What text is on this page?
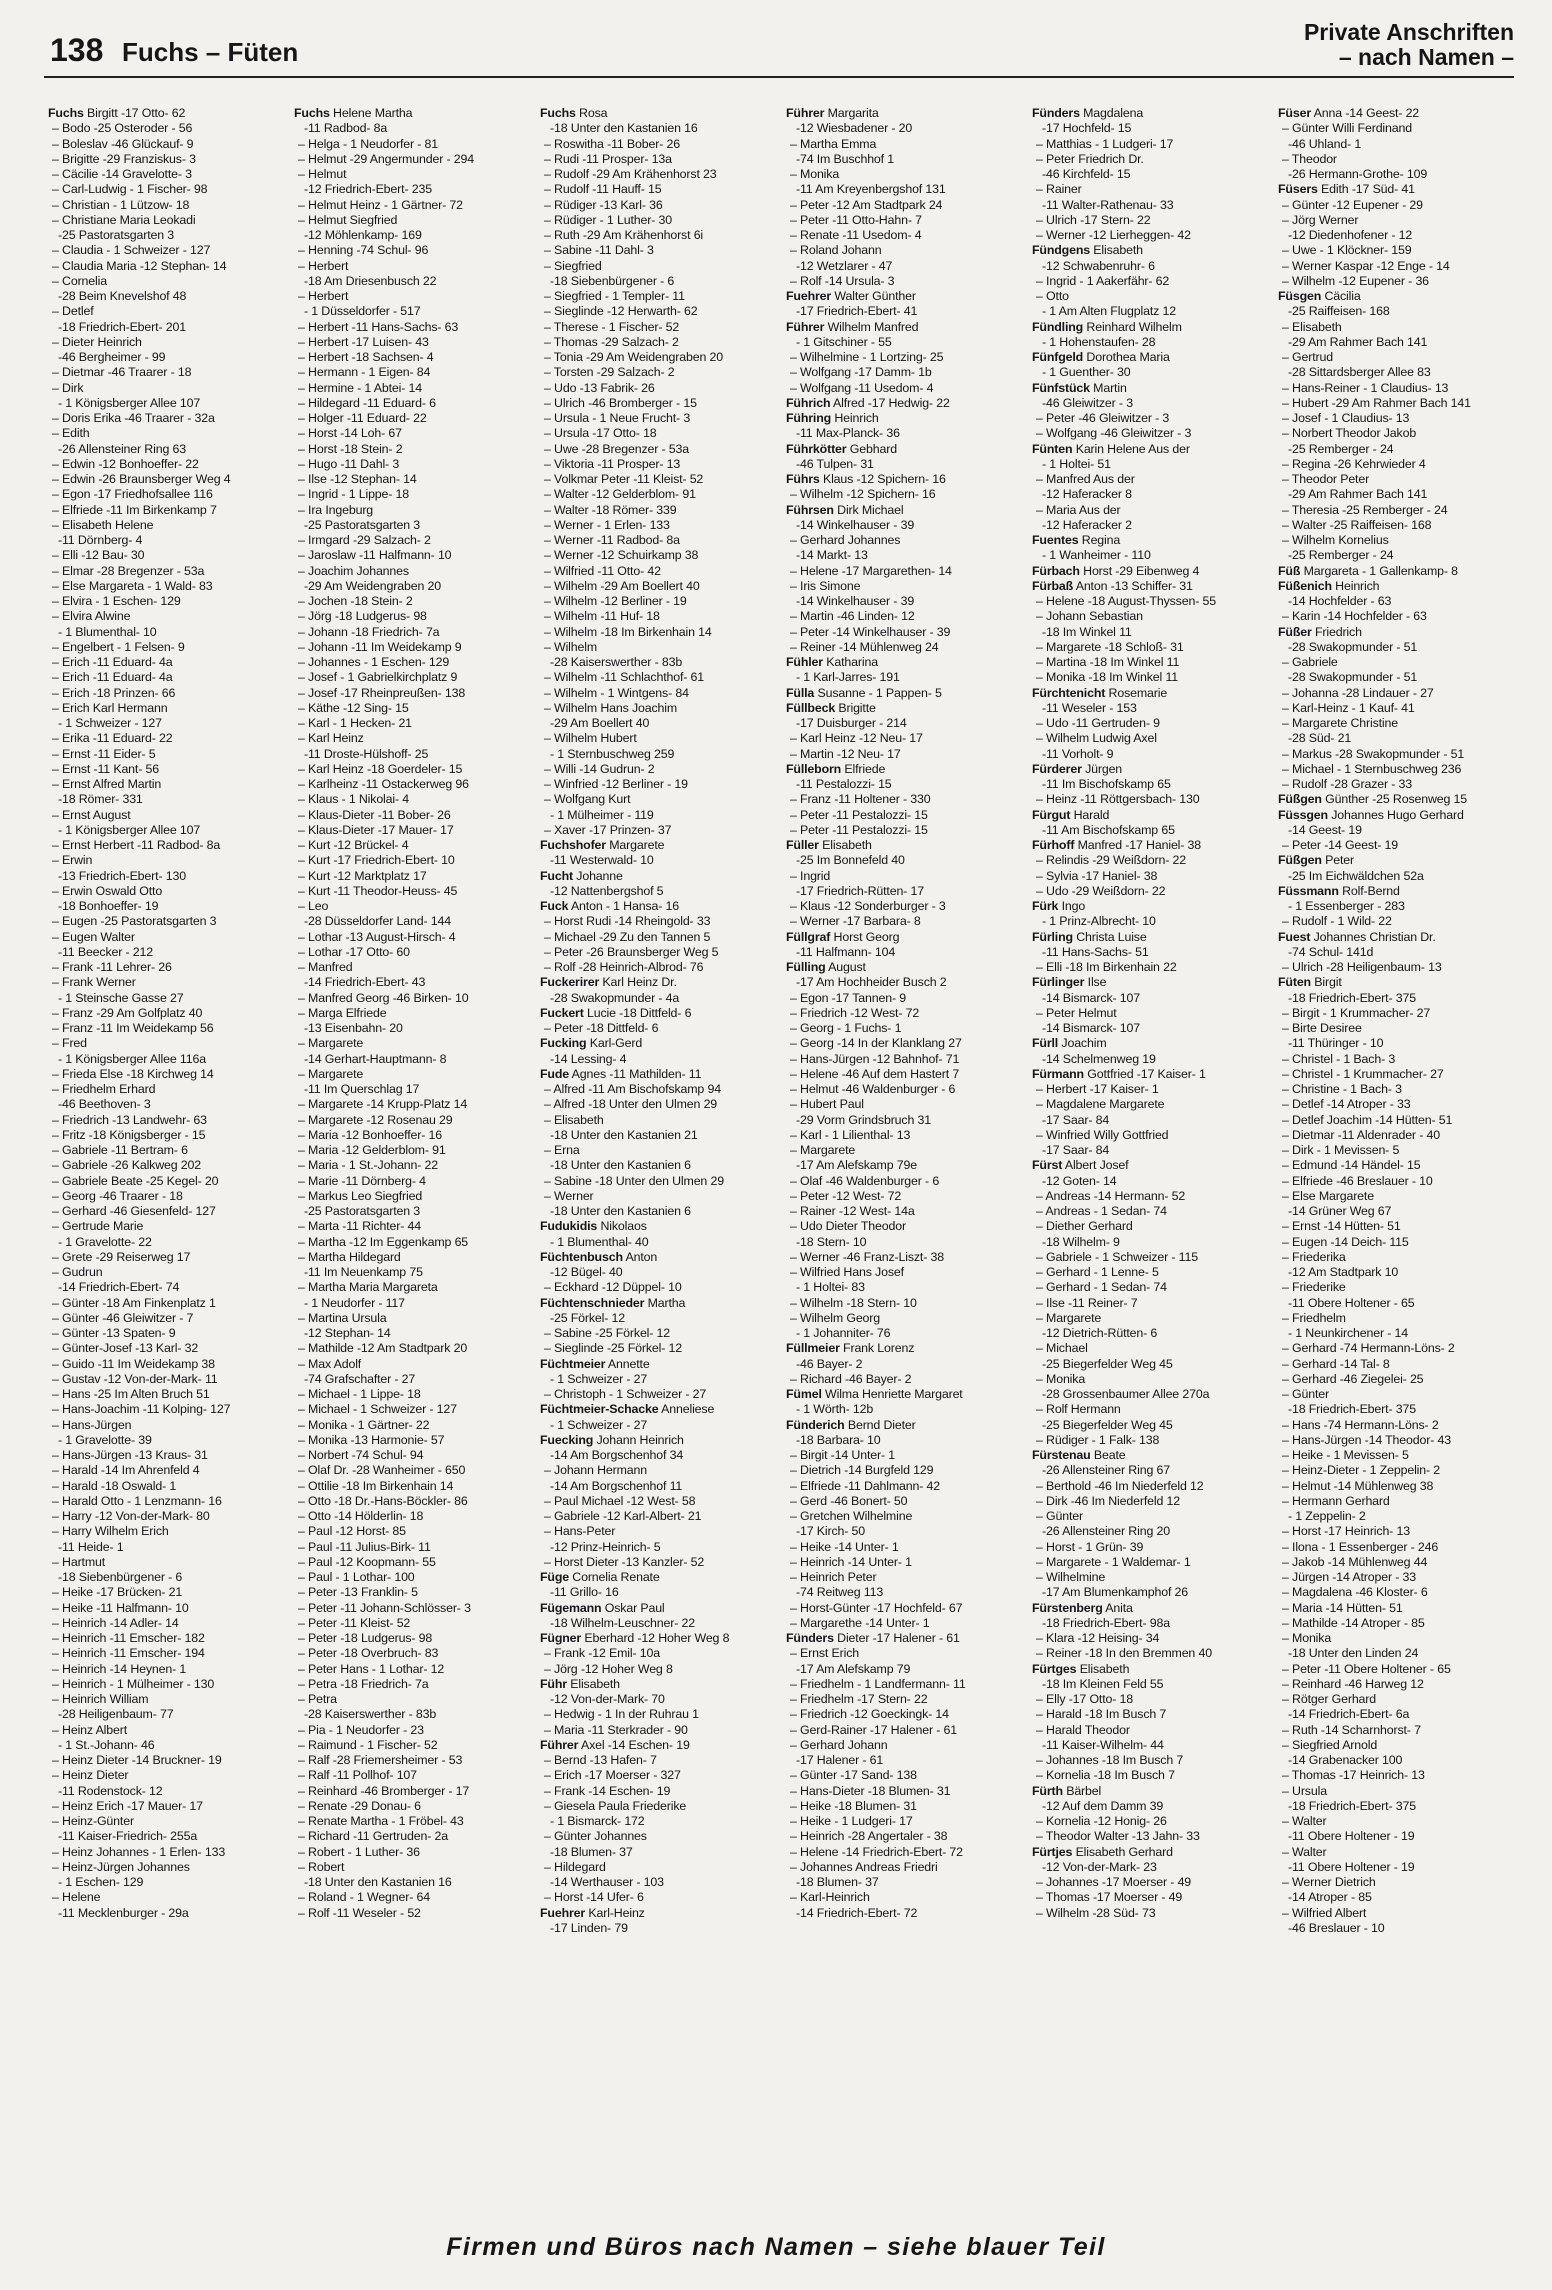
138 Fuchs – Füten
Private Anschriften
– nach Namen –
Fuchs Birgitt -17 Otto- 62
– Bodo -25 Osteroder - 56
– Boleslav -46 Glückauf- 9
– Brigitte -29 Franziskus- 3
– Cäcilie -14 Gravelotte- 3
– Carl-Ludwig - 1 Fischer- 98
– Christian - 1 Lützow- 18
– Christiane Maria Leokadi
-25 Pastoratsgarten 3
– Claudia - 1 Schweizer - 127
– Claudia Maria -12 Stephan- 14
– Cornelia
-28 Beim Knevelshof 48
– Detlef
-18 Friedrich-Ebert- 201
– Dieter Heinrich
-46 Bergheimer - 99
– Dietmar -46 Traarer - 18
– Dirk
- 1 Königsberger Allee 107
– Doris Erika -46 Traarer - 32a
– Edith
-26 Allensteiner Ring 63
– Edwin -12 Bonhoeffer- 22
– Edwin -26 Braunsberger Weg 4
– Egon -17 Friedhofsallee 116
– Elfriede -11 Im Birkenkamp 7
– Elisabeth Helene
-11 Dörnberg- 4
– Elli -12 Bau- 30
– Elmar -28 Bregenzer - 53a
– Else Margareta - 1 Wald- 83
– Elvira - 1 Eschen- 129
– Elvira Alwine
- 1 Blumenthal- 10
– Engelbert - 1 Felsen- 9
– Erich -11 Eduard- 4a
– Erich -11 Eduard- 4a
– Erich -18 Prinzen- 66
– Erich Karl Hermann
- 1 Schweizer - 127
– Erika -11 Eduard- 22
– Ernst -11 Eider- 5
– Ernst -11 Kant- 56
– Ernst Alfred Martin
-18 Römer- 331
– Ernst August
- 1 Königsberger Allee 107
– Ernst Herbert -11 Radbod- 8a
– Erwin
-13 Friedrich-Ebert- 130
– Erwin Oswald Otto
-18 Bonhoeffer- 19
– Eugen -25 Pastoratsgarten 3
– Eugen Walter
-11 Beecker - 212
– Frank -11 Lehrer- 26
– Frank Werner
- 1 Steinsche Gasse 27
– Franz -29 Am Golfplatz 40
– Franz -11 Im Weidekamp 56
– Fred
- 1 Königsberger Allee 116a
– Frieda Else -18 Kirchweg 14
– Friedhelm Erhard
-46 Beethoven- 3
– Friedrich -13 Landwehr- 63
– Fritz -18 Königsberger - 15
– Gabriele -11 Bertram- 6
– Gabriele -26 Kalkweg 202
– Gabriele Beate -25 Kegel- 20
– Georg -46 Traarer - 18
– Gerhard -46 Giesenfeld- 127
– Gertrude Marie
- 1 Gravelotte- 22
– Grete -29 Reiserweg 17
– Gudrun
-14 Friedrich-Ebert- 74
– Günter -18 Am Finkenplatz 1
– Günter -46 Gleiwitzer - 7
– Günter -13 Spaten- 9
– Günter-Josef -13 Karl- 32
– Guido -11 Im Weidekamp 38
– Gustav -12 Von-der-Mark- 11
– Hans -25 Im Alten Bruch 51
– Hans-Joachim -11 Kolping- 127
– Hans-Jürgen
- 1 Gravelotte- 39
– Hans-Jürgen -13 Kraus- 31
– Harald -14 Im Ahrenfeld 4
– Harald -18 Oswald- 1
– Harald Otto - 1 Lenzmann- 16
– Harry -12 Von-der-Mark- 80
– Harry Wilhelm Erich
-11 Heide- 1
– Hartmut
-18 Siebenbürgener - 6
– Heike -17 Brücken- 21
– Heike -11 Halfmann- 10
– Heinrich -14 Adler- 14
– Heinrich -11 Emscher- 182
– Heinrich -11 Emscher- 194
– Heinrich -14 Heynen- 1
– Heinrich - 1 Mülheimer - 130
– Heinrich William
-28 Heiligenbaum- 77
– Heinz Albert
- 1 St.-Johann- 46
– Heinz Dieter -14 Bruckner- 19
– Heinz Dieter
-11 Rodenstock- 12
– Heinz Erich -17 Mauer- 17
– Heinz-Günter
-11 Kaiser-Friedrich- 255a
– Heinz Johannes - 1 Erlen- 133
– Heinz-Jürgen Johannes
- 1 Eschen- 129
– Helene
-11 Mecklenburger - 29a
Fuchs Helene Martha
-11 Radbod- 8a
– Helga - 1 Neudorfer - 81
– Helmut -29 Angermunder - 294
– Helmut
-12 Friedrich-Ebert- 235
– Helmut Heinz - 1 Gärtner- 72
– Helmut Siegfried
-12 Möhlenkamp- 169
– Henning -74 Schul- 96
– Herbert
-18 Am Driesenbusch 22
– Herbert
- 1 Düsseldorfer - 517
– Herbert -11 Hans-Sachs- 63
– Herbert -17 Luisen- 43
– Herbert -18 Sachsen- 4
– Hermann - 1 Eigen- 84
– Hermine - 1 Abtei- 14
– Hildegard -11 Eduard- 6
– Holger -11 Eduard- 22
– Horst -14 Loh- 67
– Horst -18 Stein- 2
– Hugo -11 Dahl- 3
– Ilse -12 Stephan- 14
– Ingrid - 1 Lippe- 18
– Ira Ingeburg
-25 Pastoratsgarten 3
– Irmgard -29 Salzach- 2
– Jaroslaw -11 Halfmann- 10
– Joachim Johannes
-29 Am Weidengraben 20
– Jochen -18 Stein- 2
– Jörg -18 Ludgerus- 98
– Johann -18 Friedrich- 7a
– Johann -11 Im Weidekamp 9
– Johannes - 1 Eschen- 129
– Josef - 1 Gabrielkirchplatz 9
– Josef -17 Rheinpreußen- 138
– Käthe -12 Sing- 15
– Karl - 1 Hecken- 21
– Karl Heinz
-11 Droste-Hülshoff- 25
– Karl Heinz -18 Goerdeler- 15
– Karlheinz -11 Ostackerweg 96
– Klaus - 1 Nikolai- 4
– Klaus-Dieter -11 Bober- 26
– Klaus-Dieter -17 Mauer- 17
– Kurt -12 Brückel- 4
– Kurt -17 Friedrich-Ebert- 10
– Kurt -12 Marktplatz 17
– Kurt -11 Theodor-Heuss- 45
– Leo
-28 Düsseldorfer Land- 144
– Lothar -13 August-Hirsch- 4
– Lothar -17 Otto- 60
– Manfred
-14 Friedrich-Ebert- 43
– Manfred Georg -46 Birken- 10
– Marga Elfriede
-13 Eisenbahn- 20
– Margarete
-14 Gerhart-Hauptmann- 8
– Margarete
-11 Im Querschlag 17
– Margarete -14 Krupp-Platz 14
– Margarete -12 Rosenau 29
– Maria -12 Bonhoeffer- 16
– Maria -12 Gelderblom- 91
– Maria - 1 St.-Johann- 22
– Marie -11 Dörnberg- 4
– Markus Leo Siegfried
-25 Pastoratsgarten 3
– Marta -11 Richter- 44
– Martha -12 Im Eggenkamp 65
– Martha Hildegard
-11 Im Neuenkamp 75
– Martha Maria Margareta
- 1 Neudorfer - 117
– Martina Ursula
-12 Stephan- 14
– Mathilde -12 Am Stadtpark 20
– Max Adolf
-74 Grafschafter - 27
– Michael - 1 Lippe- 18
– Michael - 1 Schweizer - 127
– Monika - 1 Gärtner- 22
– Monika -13 Harmonie- 57
– Norbert -74 Schul- 94
– Olaf Dr. -28 Wanheimer - 650
– Ottilie -18 Im Birkenhain 14
– Otto -18 Dr.-Hans-Böckler- 86
– Otto -14 Hölderlin- 18
– Paul -12 Horst- 85
– Paul -11 Julius-Birk- 11
– Paul -12 Koopmann- 55
– Paul - 1 Lothar- 100
– Peter -13 Franklin- 5
– Peter -11 Johann-Schlösser- 3
– Peter -11 Kleist- 52
– Peter -18 Ludgerus- 98
– Peter -18 Overbruch- 83
– Peter Hans - 1 Lothar- 12
– Petra -18 Friedrich- 7a
– Petra
-28 Kaiserswerther - 83b
– Pia - 1 Neudorfer - 23
– Raimund - 1 Fischer- 52
– Ralf -28 Friemersheimer - 53
– Ralf -11 Pollhof- 107
– Reinhard -46 Bromberger - 17
– Renate -29 Donau- 6
– Renate Martha - 1 Fröbel- 43
– Richard -11 Gertruden- 2a
– Robert - 1 Luther- 36
– Robert
-18 Unter den Kastanien 16
– Roland - 1 Wegner- 64
– Rolf -11 Weseler - 52
Fuchs Rosa
-18 Unter den Kastanien 16
– Roswitha -11 Bober- 26
– Rudi -11 Prosper- 13a
– Rudolf -29 Am Krähenhorst 23
– Rudolf -11 Hauff- 15
– Rüdiger -13 Karl- 36
– Rüdiger - 1 Luther- 30
– Ruth -29 Am Krähenhorst 6i
– Sabine -11 Dahl- 3
– Siegfried
-18 Siebenbürgener - 6
– Siegfried - 1 Templer- 11
– Sieglinde -12 Herwarth- 62
– Therese - 1 Fischer- 52
– Thomas -29 Salzach- 2
– Tonia -29 Am Weidengraben 20
– Torsten -29 Salzach- 2
– Udo -13 Fabrik- 26
– Ulrich -46 Bromberger - 15
– Ursula - 1 Neue Frucht- 3
– Ursula -17 Otto- 18
– Uwe -28 Bregenzer - 53a
– Viktoria -11 Prosper- 13
– Volkmar Peter -11 Kleist- 52
– Walter -12 Gelderblom- 91
– Walter -18 Römer- 339
– Werner - 1 Erlen- 133
– Werner -11 Radbod- 8a
– Werner -12 Schuirkamp 38
– Wilfried -11 Otto- 42
– Wilhelm -29 Am Boellert 40
– Wilhelm -12 Berliner - 19
– Wilhelm -11 Huf- 18
– Wilhelm -18 Im Birkenhain 14
– Wilhelm
-28 Kaiserswerther - 83b
– Wilhelm -11 Schlachthof- 61
– Wilhelm - 1 Wintgens- 84
– Wilhelm Hans Joachim
-29 Am Boellert 40
– Wilhelm Hubert
- 1 Sternbuschweg 259
– Willi -14 Gudrun- 2
– Winfried -12 Berliner - 19
– Wolfgang Kurt
- 1 Mülheimer - 119
– Xaver -17 Prinzen- 37
Fuchshofer Margarete
-11 Westerwald- 10
Fucht Johanne
-12 Nattenbergshof 5
Fuck Anton - 1 Hansa- 16
– Horst Rudi -14 Rheingold- 33
– Michael -29 Zu den Tannen 5
– Peter -26 Braunsberger Weg 5
– Rolf -28 Heinrich-Albrod- 76
Fuckerirer Karl Heinz Dr.
-28 Swakopmunder - 4a
Fuckert Lucie -18 Dittfeld- 6
– Peter -18 Dittfeld- 6
Fucking Karl-Gerd
-14 Lessing- 4
Fude Agnes -11 Mathilden- 11
– Alfred -11 Am Bischofskamp 94
– Alfred -18 Unter den Ulmen 29
– Elisabeth
-18 Unter den Kastanien 21
– Erna
-18 Unter den Kastanien 6
– Sabine -18 Unter den Ulmen 29
– Werner
-18 Unter den Kastanien 6
Fudukidis Nikolaos
- 1 Blumenthal- 40
Füchtenbusch Anton
-12 Bügel- 40
– Eckhard -12 Düppel- 10
Füchtenschnieder Martha
-25 Förkel- 12
– Sabine -25 Förkel- 12
– Sieglinde -25 Förkel- 12
Füchtmeier Annette
- 1 Schweizer - 27
– Christoph - 1 Schweizer - 27
Füchtmeier-Schacke Anneliese
- 1 Schweizer - 27
Fuecking Johann Heinrich
-14 Am Borgschenhof 34
– Johann Hermann
-14 Am Borgschenhof 11
– Paul Michael -12 West- 58
– Gabriele -12 Karl-Albert- 21
– Hans-Peter
-12 Prinz-Heinrich- 5
– Horst Dieter -13 Kanzler- 52
Füge Cornelia Renate
-11 Grillo- 16
Fügemann Oskar Paul
-18 Wilhelm-Leuschner- 22
Fügner Eberhard -12 Hoher Weg 8
– Frank -12 Emil- 10a
– Jörg -12 Hoher Weg 8
Führ Elisabeth
-12 Von-der-Mark- 70
– Hedwig - 1 In der Ruhrau 1
– Maria -11 Sterkrader - 90
Führer Axel -14 Eschen- 19
– Bernd -13 Hafen- 7
– Erich -17 Moerser - 327
– Frank -14 Eschen- 19
– Giesela Paula Friederike
- 1 Bismarck- 172
– Günter Johannes
-18 Blumen- 37
– Hildegard
-14 Werthauser - 103
– Horst -14 Ufer- 6
Fuehrer Karl-Heinz
-17 Linden- 79
Führer Margarita
-12 Wiesbadener - 20
– Martha Emma
-74 Im Buschhof 1
– Monika
-11 Am Kreyenbergshof 131
– Peter -12 Am Stadtpark 24
– Peter -11 Otto-Hahn- 7
– Renate -11 Usedom- 4
– Roland Johann
-12 Wetzlarer - 47
– Rolf -14 Ursula- 3
Fuehrer Walter Günther
-17 Friedrich-Ebert- 41
Führer Wilhelm Manfred
- 1 Gitschiner - 55
– Wilhelmine - 1 Lortzing- 25
– Wolfgang -17 Damm- 1b
– Wolfgang -11 Usedom- 4
Führich Alfred -17 Hedwig- 22
Führing Heinrich
-11 Max-Planck- 36
Führkötter Gebhard
-46 Tulpen- 31
Führs Klaus -12 Spichern- 16
– Wilhelm -12 Spichern- 16
Führsen Dirk Michael
-14 Winkelhauser - 39
– Gerhard Johannes
-14 Markt- 13
– Helene -17 Margarethen- 14
– Iris Simone
-14 Winkelhauser - 39
– Martin -46 Linden- 12
– Peter -14 Winkelhauser - 39
– Reiner -14 Mühlenweg 24
Fühler Katharina
- 1 Karl-Jarres- 191
Fülla Susanne - 1 Pappen- 5
Füllbeck Brigitte
-17 Duisburger - 214
– Karl Heinz -12 Neu- 17
– Martin -12 Neu- 17
Fülleborn Elfriede
-11 Pestalozzi- 15
– Franz -11 Holtener - 330
– Peter -11 Pestalozzi- 15
– Peter -11 Pestalozzi- 15
Füller Elisabeth
-25 Im Bonnefeld 40
– Ingrid
-17 Friedrich-Rütten- 17
– Klaus -12 Sonderburger - 3
– Werner -17 Barbara- 8
Füllgraf Horst Georg
-11 Halfmann- 104
Fülling August
-17 Am Hochheider Busch 2
– Egon -17 Tannen- 9
– Friedrich -12 West- 72
– Georg - 1 Fuchs- 1
– Georg -14 In der Klanklang 27
– Hans-Jürgen -12 Bahnhof- 71
– Helene -46 Auf dem Hastert 7
– Helmut -46 Waldenburger - 6
– Hubert Paul
-29 Vorm Grindsbruch 31
– Karl - 1 Lilienthal- 13
– Margarete
-17 Am Alefskamp 79e
– Olaf -46 Waldenburger - 6
– Peter -12 West- 72
– Rainer -12 West- 14a
– Udo Dieter Theodor
-18 Stern- 10
– Werner -46 Franz-Liszt- 38
– Wilfried Hans Josef
- 1 Holtei- 83
– Wilhelm -18 Stern- 10
– Wilhelm Georg
- 1 Johanniter- 76
Füllmeier Frank Lorenz
-46 Bayer- 2
– Richard -46 Bayer- 2
Fümel Wilma Henriette Margaret
- 1 Wörth- 12b
Fünderich Bernd Dieter
-18 Barbara- 10
– Birgit -14 Unter- 1
– Dietrich -14 Burgfeld 129
– Elfriede -11 Dahlmann- 42
– Gerd -46 Bonert- 50
– Gretchen Wilhelmine
-17 Kirch- 50
– Heike -14 Unter- 1
– Heinrich -14 Unter- 1
– Heinrich Peter
-74 Reitweg 113
– Horst-Günter -17 Hochfeld- 67
– Margarethe -14 Unter- 1
Fünders Dieter -17 Halener - 61
– Ernst Erich
-17 Am Alefskamp 79
– Friedhelm - 1 Landfermann- 11
– Friedhelm -17 Stern- 22
– Friedrich -12 Goeckingk- 14
– Gerd-Rainer -17 Halener - 61
– Gerhard Johann
-17 Halener - 61
– Günter -17 Sand- 138
– Hans-Dieter -18 Blumen- 31
– Heike -18 Blumen- 31
– Heike - 1 Ludgeri- 17
– Heinrich -28 Angertaler - 38
– Helene -14 Friedrich-Ebert- 72
– Johannes Andreas Friedri
-18 Blumen- 37
– Karl-Heinrich
-14 Friedrich-Ebert- 72
Fünders Magdalena
-17 Hochfeld- 15
– Matthias - 1 Ludgeri- 17
– Peter Friedrich Dr.
-46 Kirchfeld- 15
– Rainer
-11 Walter-Rathenau- 33
– Ulrich -17 Stern- 22
– Werner -12 Lierheggen- 42
Fündgens Elisabeth
-12 Schwabenruhr- 6
– Ingrid - 1 Aakerfähr- 62
– Otto
- 1 Am Alten Flugplatz 12
Fündling Reinhard Wilhelm
- 1 Hohenstaufen- 28
Fünfgeld Dorothea Maria
- 1 Guenther- 30
Fünfstück Martin
-46 Gleiwitzer - 3
– Peter -46 Gleiwitzer - 3
– Wolfgang -46 Gleiwitzer - 3
Fünten Karin Helene Aus der
- 1 Holtei- 51
– Manfred Aus der
-12 Haferacker 8
– Maria Aus der
-12 Haferacker 2
Fuentes Regina
- 1 Wanheimer - 110
Fürbach Horst -29 Eibenweg 4
Fürbaß Anton -13 Schiffer- 31
– Helene -18 August-Thyssen- 55
– Johann Sebastian
-18 Im Winkel 11
– Margarete -18 Schloß- 31
– Martina -18 Im Winkel 11
– Monika -18 Im Winkel 11
Fürchtenicht Rosemarie
-11 Weseler - 153
– Udo -11 Gertruden- 9
– Wilhelm Ludwig Axel
-11 Vorholt- 9
Fürderer Jürgen
-11 Im Bischofskamp 65
– Heinz -11 Röttgersbach- 130
Fürgut Harald
-11 Am Bischofskamp 65
Fürhoff Manfred -17 Haniel- 38
– Relindis -29 Weißdorn- 22
– Sylvia -17 Haniel- 38
– Udo -29 Weißdorn- 22
Fürk Ingo
- 1 Prinz-Albrecht- 10
Fürling Christa Luise
-11 Hans-Sachs- 51
– Elli -18 Im Birkenhain 22
Fürlinger Ilse
-14 Bismarck- 107
– Peter Helmut
-14 Bismarck- 107
Fürll Joachim
-14 Schelmenweg 19
Fürmann Gottfried -17 Kaiser- 1
– Herbert -17 Kaiser- 1
– Magdalene Margarete
-17 Saar- 84
– Winfried Willy Gottfried
-17 Saar- 84
Fürst Albert Josef
-12 Goten- 14
– Andreas -14 Hermann- 52
– Andreas - 1 Sedan- 74
– Diether Gerhard
-18 Wilhelm- 9
– Gabriele - 1 Schweizer - 115
– Gerhard - 1 Lenne- 5
– Gerhard - 1 Sedan- 74
– Ilse -11 Reiner- 7
– Margarete
-12 Dietrich-Rütten- 6
– Michael
-25 Biegerfelder Weg 45
– Monika
-28 Grossenbaumer Allee 270a
– Rolf Hermann
-25 Biegerfelder Weg 45
– Rüdiger - 1 Falk- 138
Fürstenau Beate
-26 Allensteiner Ring 67
– Berthold -46 Im Niederfeld 12
– Dirk -46 Im Niederfeld 12
– Günter
-26 Allensteiner Ring 20
– Horst - 1 Grün- 39
– Margarete - 1 Waldemar- 1
– Wilhelmine
-17 Am Blumenkamphof 26
Fürstenberg Anita
-18 Friedrich-Ebert- 98a
– Klara -12 Heising- 34
– Reiner -18 In den Bremmen 40
Fürtges Elisabeth
-18 Im Kleinen Feld 55
– Elly -17 Otto- 18
– Harald -18 Im Busch 7
– Harald Theodor
-11 Kaiser-Wilhelm- 44
– Johannes -18 Im Busch 7
– Kornelia -18 Im Busch 7
Fürth Bärbel
-12 Auf dem Damm 39
– Kornelia -12 Honig- 26
– Theodor Walter -13 Jahn- 33
Fürtjes Elisabeth Gerhard
-12 Von-der-Mark- 23
– Johannes -17 Moerser - 49
– Thomas -17 Moerser - 49
– Wilhelm -28 Süd- 73
Füser Anna -14 Geest- 22
– Günter Willi Ferdinand
-46 Uhland- 1
– Theodor
-26 Hermann-Grothe- 109
Füsers Edith -17 Süd- 41
– Günter -12 Eupener - 29
– Jörg Werner
-12 Diedenhofener - 12
– Uwe - 1 Klöckner- 159
– Werner Kaspar -12 Enge - 14
– Wilhelm -12 Eupener - 36
Füsgen Cäcilia
-25 Raiffeisen- 168
– Elisabeth
-29 Am Rahmer Bach 141
– Gertrud
-28 Sittardsberger Allee 83
– Hans-Reiner - 1 Claudius- 13
– Hubert -29 Am Rahmer Bach 141
– Josef - 1 Claudius- 13
– Norbert Theodor Jakob
-25 Remberger - 24
– Regina -26 Kehrwieder 4
– Theodor Peter
-29 Am Rahmer Bach 141
– Theresia -25 Remberger - 24
– Walter -25 Raiffeisen- 168
– Wilhelm Kornelius
-25 Remberger - 24
Füß Margareta - 1 Gallenkamp- 8
Füßenich Heinrich
-14 Hochfelder - 63
– Karin -14 Hochfelder - 63
Füßer Friedrich
-28 Swakopmunder - 51
– Gabriele
-28 Swakopmunder - 51
– Johanna -28 Lindauer - 27
– Karl-Heinz - 1 Kauf- 41
– Margarete Christine
-28 Süd- 21
– Markus -28 Swakopmunder - 51
– Michael - 1 Sternbuschweg 236
– Rudolf -28 Grazer - 33
Füßgen Günther -25 Rosenweg 15
Füssgen Johannes Hugo Gerhard
-14 Geest- 19
– Peter -14 Geest- 19
Füßgen Peter
-25 Im Eichwäldchen 52a
Füssmann Rolf-Bernd
- 1 Essenberger - 283
– Rudolf - 1 Wild- 22
Fuest Johannes Christian Dr.
-74 Schul- 141d
– Ulrich -28 Heiligenbaum- 13
Füten Birgit
-18 Friedrich-Ebert- 375
– Birgit - 1 Krummacher- 27
– Birte Desiree
-11 Thüringer - 10
– Christel - 1 Bach- 3
– Christel - 1 Krummacher- 27
– Christine - 1 Bach- 3
– Detlef -14 Atroper - 33
– Detlef Joachim -14 Hütten- 51
– Dietmar -11 Aldenrader - 40
– Dirk - 1 Mevissen- 5
– Edmund -14 Händel- 15
– Elfriede -46 Breslauer - 10
– Else Margarete
-14 Grüner Weg 67
– Ernst -14 Hütten- 51
– Eugen -14 Deich- 115
– Friederika
-12 Am Stadtpark 10
– Friederike
-11 Obere Holtener - 65
– Friedhelm
- 1 Neunkirchener - 14
– Gerhard -74 Hermann-Löns- 2
– Gerhard -14 Tal- 8
– Gerhard -46 Ziegelei- 25
– Günter
-18 Friedrich-Ebert- 375
– Hans -74 Hermann-Löns- 2
– Hans-Jürgen -14 Theodor- 43
– Heike - 1 Mevissen- 5
– Heinz-Dieter - 1 Zeppelin- 2
– Helmut -14 Mühlenweg 38
– Hermann Gerhard
- 1 Zeppelin- 2
– Horst -17 Heinrich- 13
– Ilona - 1 Essenberger - 246
– Jakob -14 Mühlenweg 44
– Jürgen -14 Atroper - 33
– Magdalena -46 Kloster- 6
– Maria -14 Hütten- 51
– Mathilde -14 Atroper - 85
– Monika
-18 Unter den Linden 24
– Peter -11 Obere Holtener - 65
– Reinhard -46 Harweg 12
– Rötger Gerhard
-14 Friedrich-Ebert- 6a
– Ruth -14 Scharnhorst- 7
– Siegfried Arnold
-14 Grabenacker 100
– Thomas -17 Heinrich- 13
– Ursula
-18 Friedrich-Ebert- 375
– Walter
-11 Obere Holtener - 19
– Walter
-11 Obere Holtener - 19
– Werner Dietrich
-14 Atroper - 85
– Wilfried Albert
-46 Breslauer - 10
Firmen und Büros nach Namen – siehe blauer Teil
